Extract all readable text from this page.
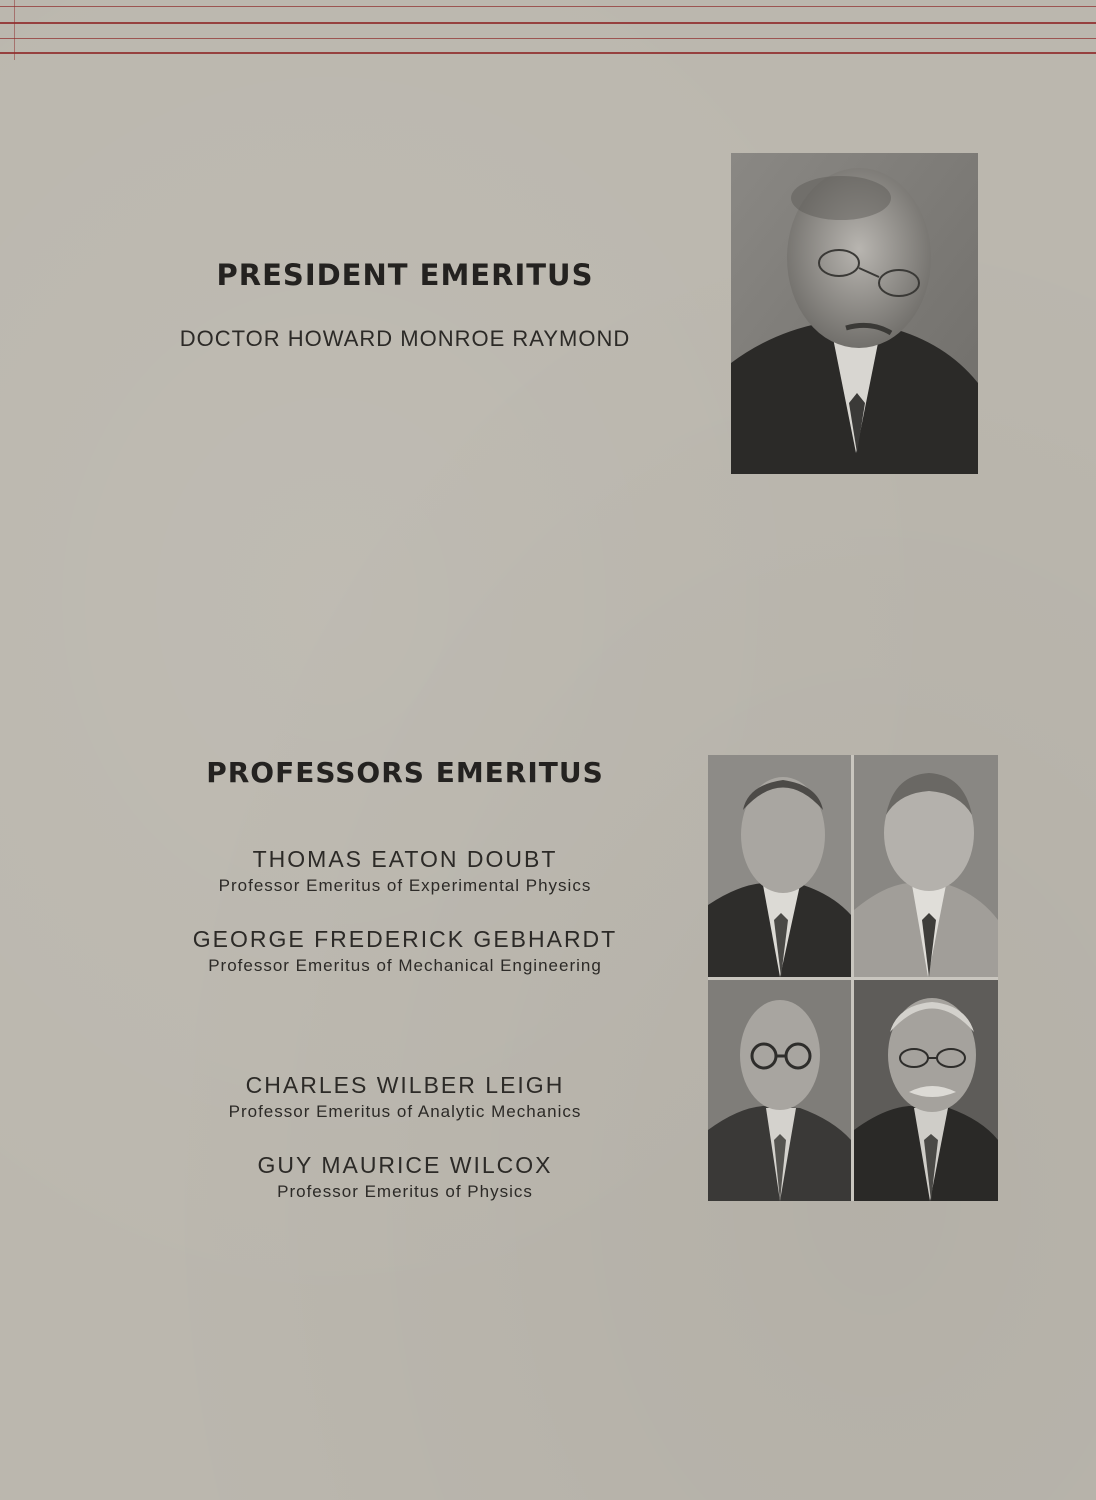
PRESIDENT EMERITUS
DOCTOR HOWARD MONROE RAYMOND
PROFESSORS EMERITUS
THOMAS EATON DOUBT
Professor Emeritus of Experimental Physics
GEORGE FREDERICK GEBHARDT
Professor Emeritus of Mechanical Engineering
CHARLES WILBER LEIGH
Professor Emeritus of Analytic Mechanics
GUY MAURICE WILCOX
Professor Emeritus of Physics
